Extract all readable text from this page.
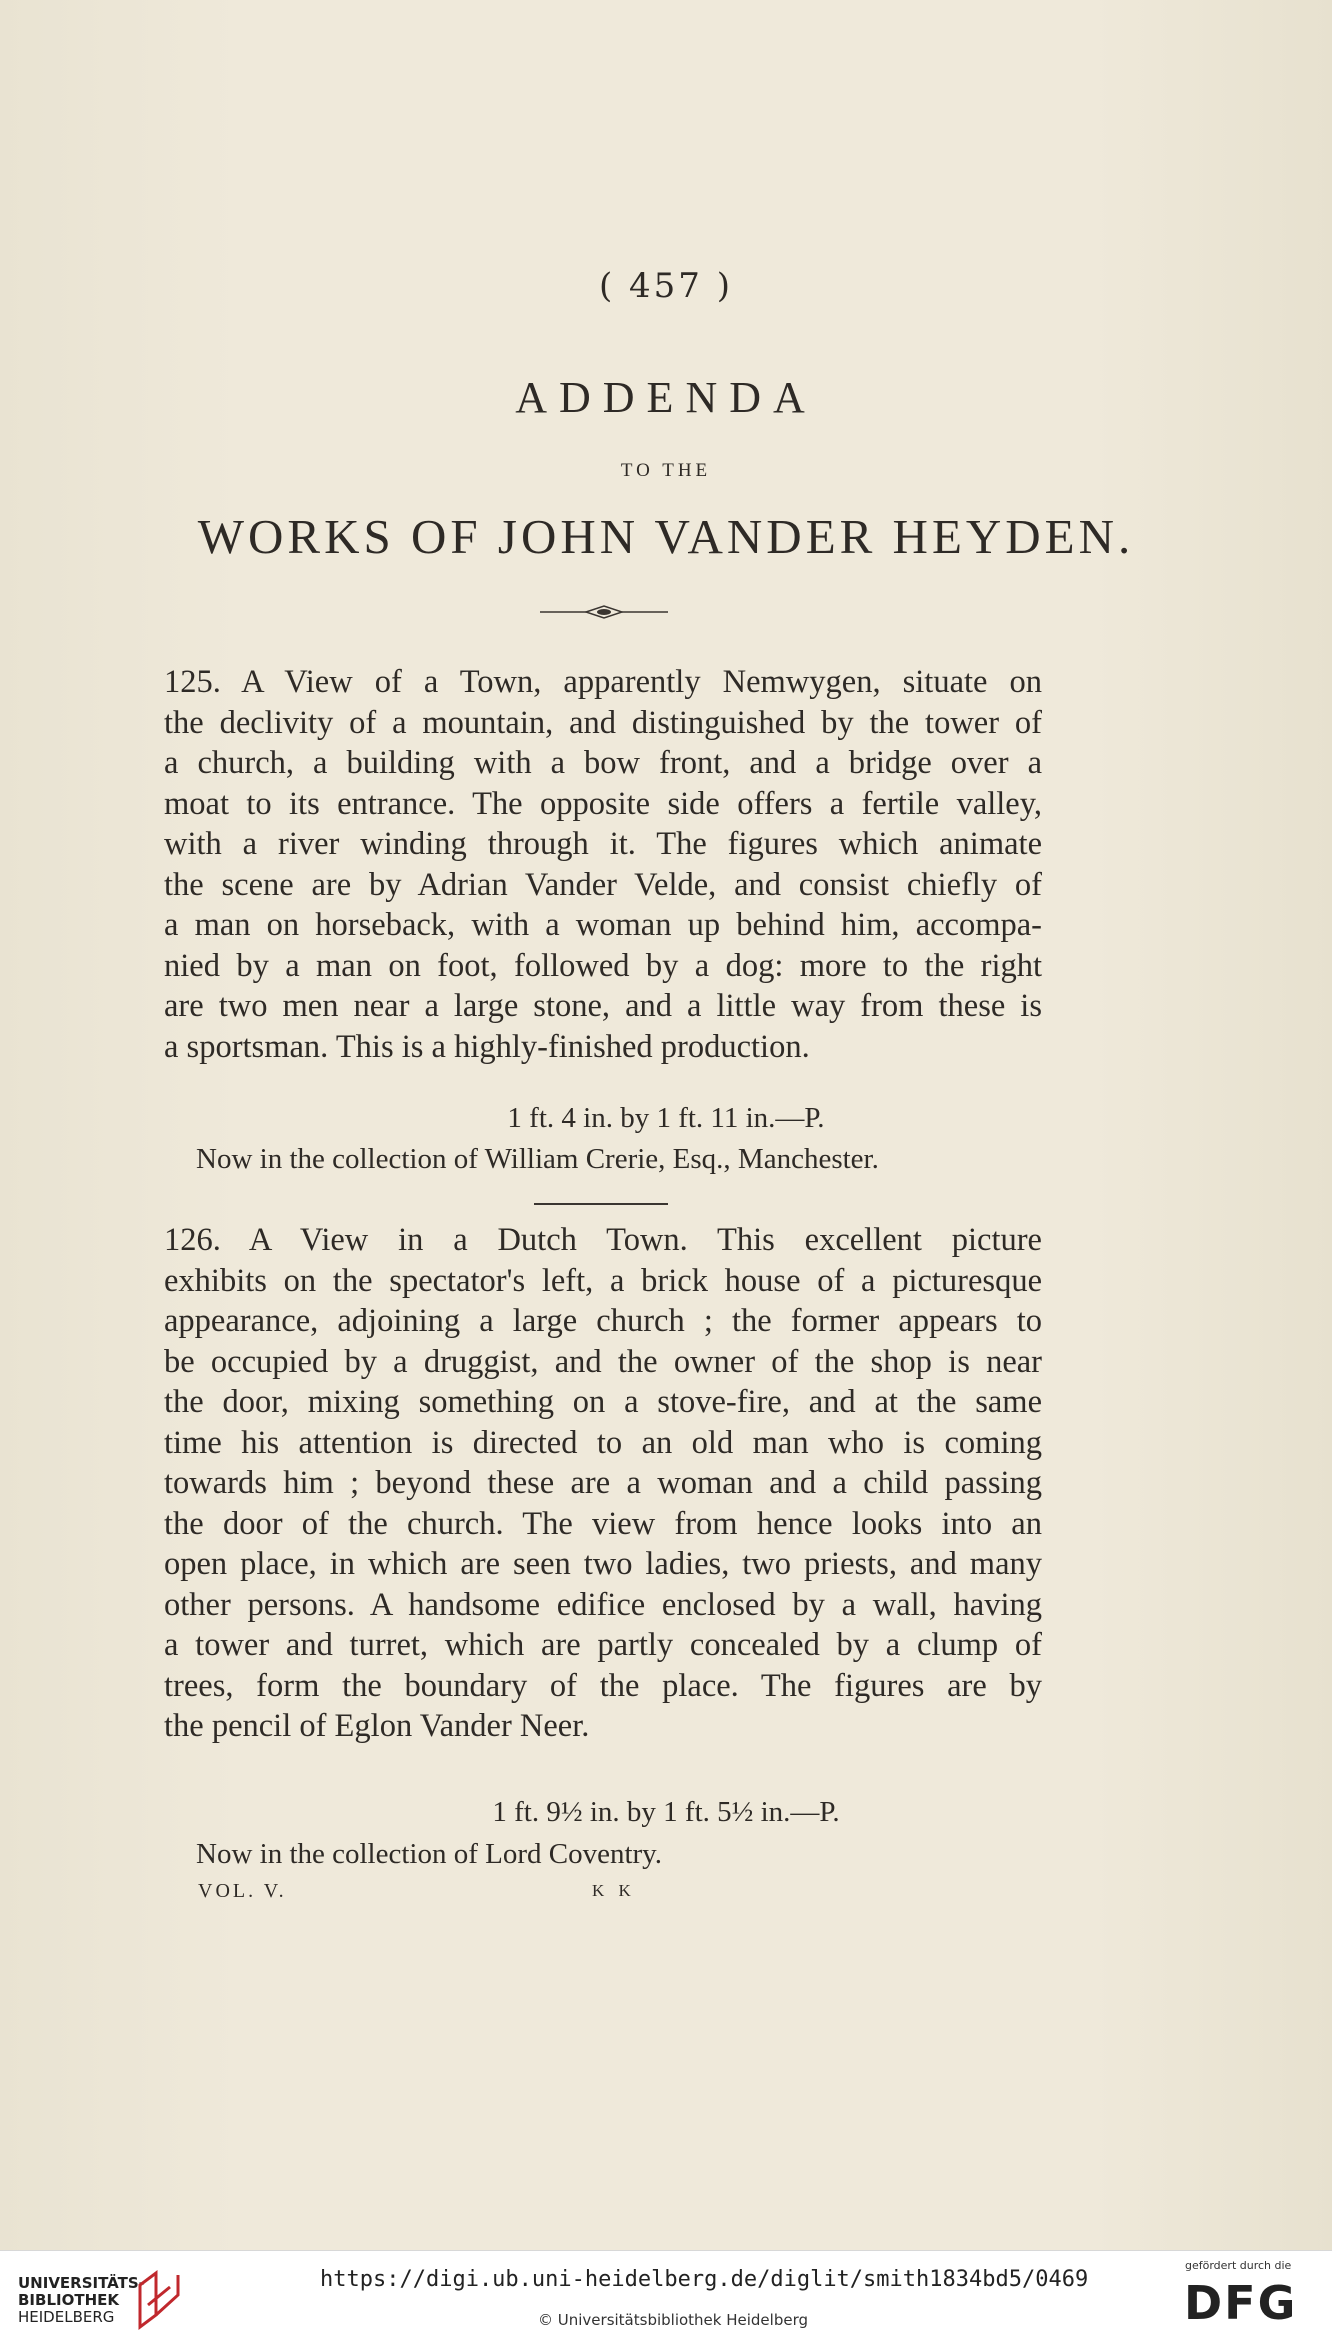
( 457 )
ADDENDA
TO THE
WORKS OF JOHN VANDER HEYDEN.
125. A View of a Town, apparently Nemwygen, situate on
the declivity of a mountain, and distinguished by the tower of
a church, a building with a bow front, and a bridge over a
moat to its entrance. The opposite side offers a fertile valley,
with a river winding through it. The figures which animate
the scene are by Adrian Vander Velde, and consist chiefly of
a man on horseback, with a woman up behind him, accompa-
nied by a man on foot, followed by a dog: more to the right
are two men near a large stone, and a little way from these is
a sportsman. This is a highly-finished production.
1 ft. 4 in. by 1 ft. 11 in.—P.
Now in the collection of William Crerie, Esq., Manchester.
126. A View in a Dutch Town. This excellent picture
exhibits on the spectator's left, a brick house of a picturesque
appearance, adjoining a large church ; the former appears to
be occupied by a druggist, and the owner of the shop is near
the door, mixing something on a stove-fire, and at the same
time his attention is directed to an old man who is coming
towards him ; beyond these are a woman and a child passing
the door of the church. The view from hence looks into an
open place, in which are seen two ladies, two priests, and many
other persons. A handsome edifice enclosed by a wall, having
a tower and turret, which are partly concealed by a clump of
trees, form the boundary of the place. The figures are by
the pencil of Eglon Vander Neer.
1 ft. 9½ in. by 1 ft. 5½ in.—P.
Now in the collection of Lord Coventry.
VOL. V.	K K
UNIVERSITÄTS-
BIBLIOTHEK
HEIDELBERG
https://digi.ub.uni-heidelberg.de/diglit/smith1834bd5/0469
© Universitätsbibliothek Heidelberg
gefördert durch die
DFG
